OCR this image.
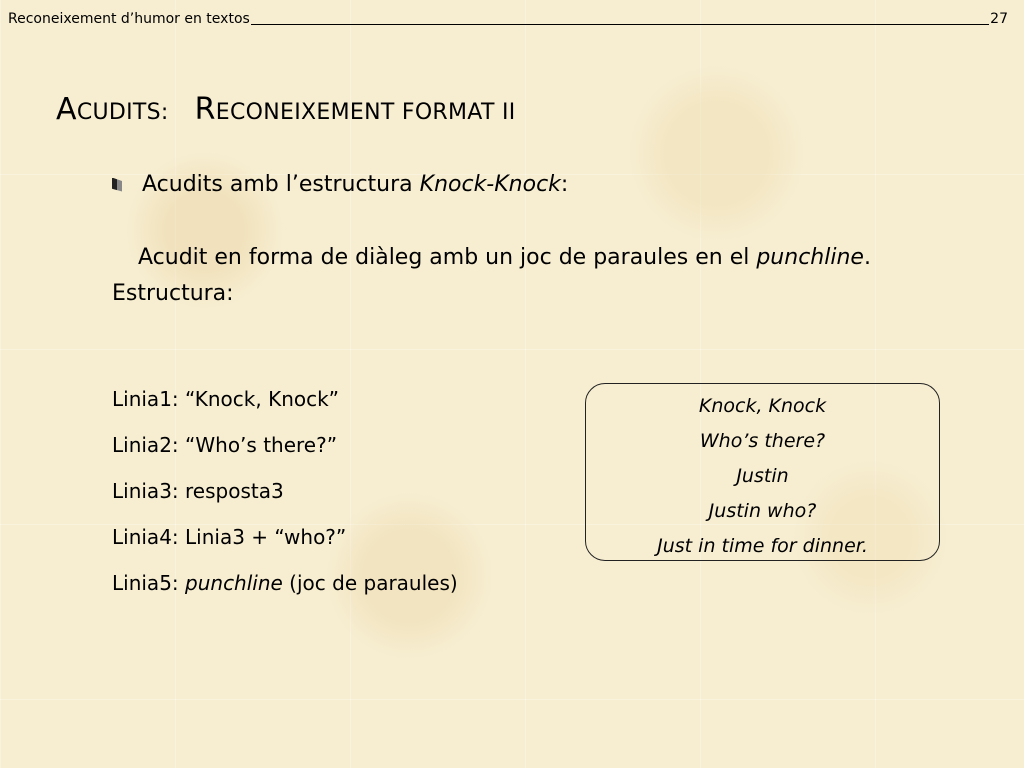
Reconeixement d’humor en textos	27
ACUDITS: RECONEIXEMENT FORMAT II
Acudits amb l’estructura Knock-Knock:
Acudit en forma de diàleg amb un joc de paraules en el punchline. Estructura:
Linia1: “Knock, Knock”
Linia2: “Who’s there?”
Linia3: resposta3
Linia4: Linia3 + “who?”
Linia5: punchline (joc de paraules)
Knock, Knock
Who’s there?
Justin
Justin who?
Just in time for dinner.
